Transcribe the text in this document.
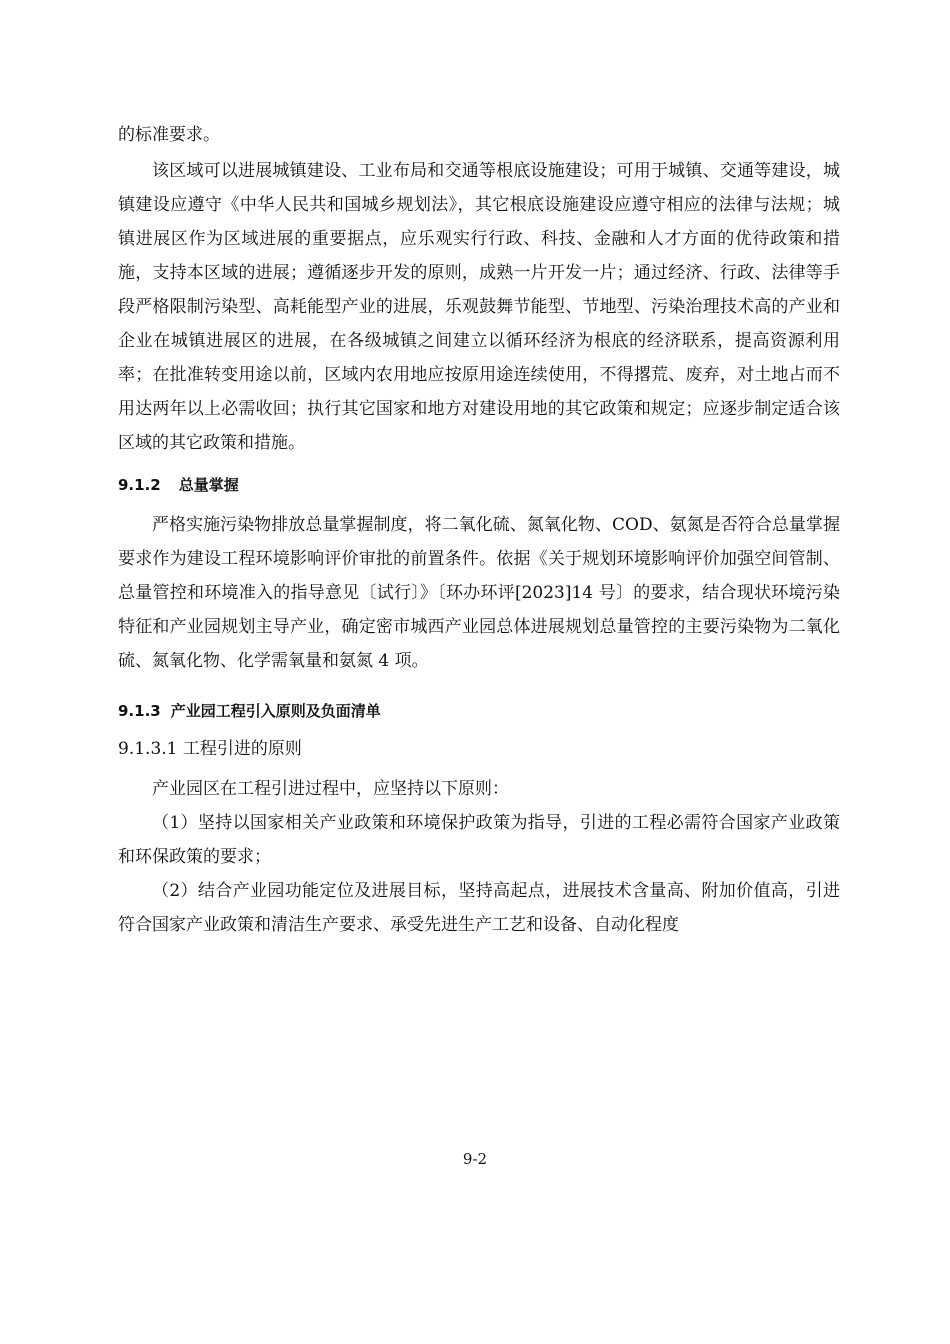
的标准要求。

该区域可以进展城镇建设、工业布局和交通等根底设施建设；可用于城镇、交通等建设，城镇建设应遵守《中华人民共和国城乡规划法》，其它根底设施建设应遵守相应的法律与法规；城镇进展区作为区域进展的重要据点，应乐观实行行政、科技、金融和人才方面的优待政策和措施，支持本区域的进展；遵循逐步开发的原则，成熟一片开发一片；通过经济、行政、法律等手段严格限制污染型、高耗能型产业的进展，乐观鼓舞节能型、节地型、污染治理技术高的产业和企业在城镇进展区的进展，在各级城镇之间建立以循环经济为根底的经济联系，提高资源利用率；在批准转变用途以前，区域内农用地应按原用途连续使用，不得撂荒、废弃，对土地占而不用达两年以上必需收回；执行其它国家和地方对建设用地的其它政策和规定；应逐步制定适合该区域的其它政策和措施。

9.1.2 总量掌握

严格实施污染物排放总量掌握制度，将二氧化硫、氮氧化物、COD、氨氮是否符合总量掌握要求作为建设工程环境影响评价审批的前置条件。依据《关于规划环境影响评价加强空间管制、总量管控和环境准入的指导意见〔试行〕》〔环办环评[2023]14 号〕的要求，结合现状环境污染特征和产业园规划主导产业，确定密市城西产业园总体进展规划总量管控的主要污染物为二氧化硫、氮氧化物、化学需氧量和氨氮 4 项。

9.1.3 产业园工程引入原则及负面清单
9.1.3.1 工程引进的原则

产业园区在工程引进过程中，应坚持以下原则：

（1）坚持以国家相关产业政策和环境保护政策为指导，引进的工程必需符合国家产业政策和环保政策的要求；

（2）结合产业园功能定位及进展目标，坚持高起点，进展技术含量高、附加价值高，引进符合国家产业政策和清洁生产要求、承受先进生产工艺和设备、自动化程度

9-2
